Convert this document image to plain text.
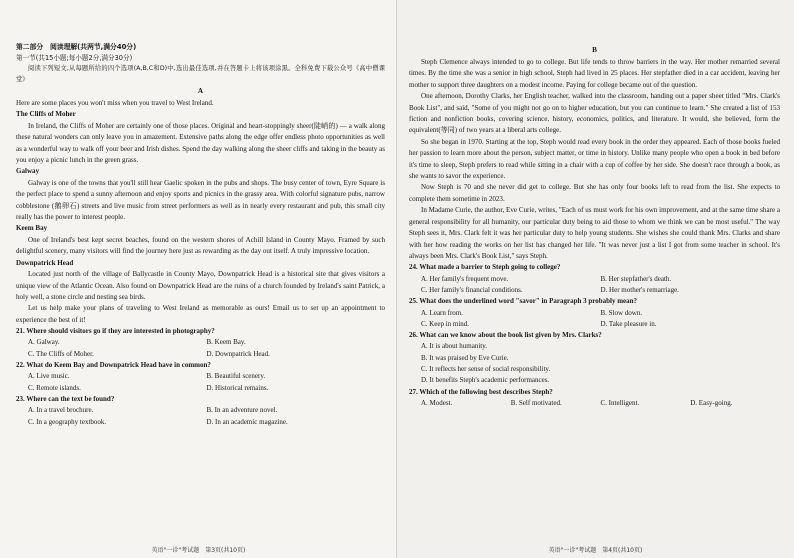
第二部分　阅读理解(共两节,满分40分)

第一节(共15小题;每小题2分,满分30分)

阅读下列短文,从每题所给的四个选项(A,B,C和D)中,选出最佳选项,并在答题卡上将该项涂黑。全科免费下载公众号《高中僧课堂》

A

Here are some places you won't miss when you travel to West Ireland.

The Cliffs of Moher

In Ireland, the Cliffs of Moher are certainly one of those places. Original and heart-stoppingly sheer(陡峭的) — a walk along these natural wonders can only leave you in amazement. Extensive paths along the edge offer endless photo opportunities as well as a wonderful way to walk off your beer and Irish dishes. Spend the day walking along the sheer cliffs and taking in the beauty as you enjoy a picnic lunch in the green grass.

Galway

Galway is one of the towns that you'll still hear Gaelic spoken in the pubs and shops. The busy center of town, Eyre Square is the perfect place to spend a sunny afternoon and enjoy sports and picnics in the grassy area. With colorful signature pubs, narrow cobblestone (鹅卵石) streets and live music from street performers as well as in nearly every restaurant and pub, this small city really has the power to interest people.

Keem Bay

One of Ireland's best kept secret beaches, found on the western shores of Achill Island in County Mayo. Framed by such delightful scenery, many visitors will find the journey here just as rewarding as the day out itself. A truly impressive location.

Downpatrick Head

Located just north of the village of Ballycastle in County Mayo, Downpatrick Head is a historical site that gives visitors a unique view of the Atlantic Ocean. Also found on Downpatrick Head are the ruins of a church founded by Ireland's saint Patrick, a holy well, a stone circle and nesting sea birds.

Let us help make your plans of traveling to West Ireland as memorable as ours! Email us to set up an appointment to experience the best of it!

21. Where should visitors go if they are interested in photography?

A. Galway.	B. Keem Bay.
C. The Cliffs of Moher.	D. Downpatrick Head.

22. What do Keem Bay and Downpatrick Head have in common?

A. Live music.	B. Beautiful scenery.
C. Remote islands.	D. Historical remains.

23. Where can the text be found?

A. In a travel brochure.	B. In an adventure novel.
C. In a geography textbook.	D. In an academic magazine.
英语"一诊"考试题　第3页(共10页)

B

Steph Clemence always intended to go to college. But life tends to throw barriers in the way. Her mother remarried several times. By the time she was a senior in high school, Steph had lived in 25 places. Her stepfather died in a car accident, leaving her mother to support three daughters on a modest income. Paying for college became out of the question.

One afternoon, Dorothy Clarks, her English teacher, walked into the classroom, handing out a paper sheet titled "Mrs. Clark's Book List", and said, "Some of you might not go on to higher education, but you can continue to learn." She created a list of 153 fiction and nonfiction books, covering science, history, economics, politics, and literature. It would, she believed, form the equivalent(等同) of two years at a liberal arts college.

So she began in 1970. Starting at the top, Steph would read every book in the order they appeared. Each of those books fueled her passion to learn more about the person, subject matter, or time in history. Unlike many people who open a book in bed before it's time to sleep, Steph prefers to read while sitting in a chair with a cup of coffee by her side. She doesn't race through a book, as she wants to savor the experience.

Now Steph is 70 and she never did get to college. But she has only four books left to read from the list. She expects to complete them sometime in 2023.

In Madame Curie, the author, Eve Curie, writes, "Each of us must work for his own improvement, and at the same time share a general responsibility for all humanity, our particular duty being to aid those to whom we think we can be most useful." The way Steph sees it, Mrs. Clark felt it was her particular duty to help young students. She wishes she could thank Mrs. Clarks and share with her how reading the works on her list has changed her life. "It was never just a list I got from some teacher in school. It's always been Mrs. Clark's Book List," says Steph.

24. What made a barrier to Steph going to college?

A. Her family's frequent move.	B. Her stepfather's death.
C. Her family's financial conditions.	D. Her mother's remarriage.

25. What does the underlined word "savor" in Paragraph 3 probably mean?

A. Learn from.	B. Slow down.
C. Keep in mind.	D. Take pleasure in.

26. What can we know about the book list given by Mrs. Clarks?

A. It is about humanity.
B. It was praised by Eve Curie.
C. It reflects her sense of social responsibility.
D. It benefits Steph's academic performances.

27. Which of the following best describes Steph?

A. Modest.	B. Self motivated.	C. Intelligent.	D. Easy-going.
英语"一诊"考试题　第4页(共10页)
